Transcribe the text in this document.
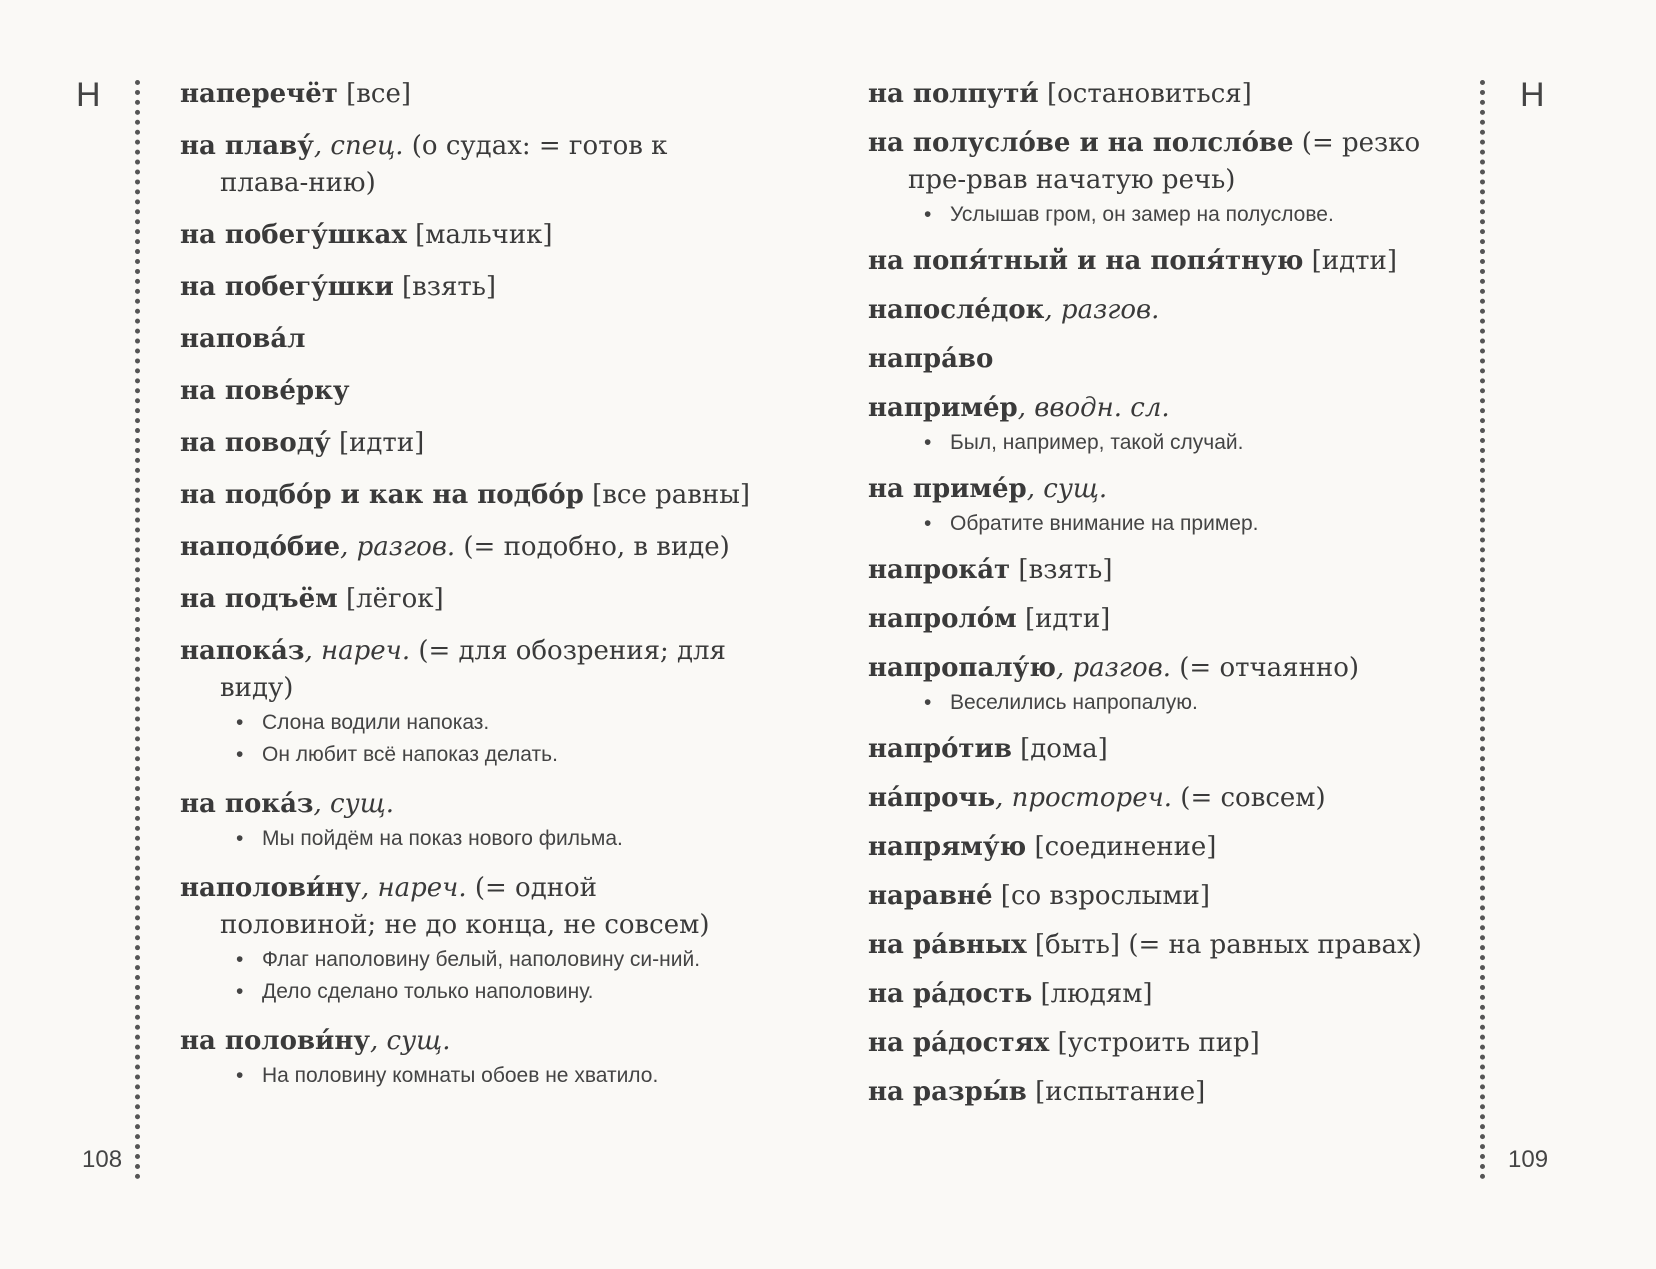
Н
108
наперечёт [все]
на плаву́, спец. (о судах: = готов к плава-нию)
на побегу́шках [мальчик]
на побегу́шки [взять]
напова́л
на пове́рку
на поводу́ [идти]
на подбо́р и как на подбо́р [все равны]
наподо́бие, разгов. (= подобно, в виде)
на подъём [лёгок]
напока́з, нареч. (= для обозрения; для виду)
• Слона водили напоказ.
• Он любит всё напоказ делать.
на пока́з, сущ.
• Мы пойдём на показ нового фильма.
наполови́ну, нареч. (= одной половиной; не до конца, не совсем)
• Флаг наполовину белый, наполовину си-ний.
• Дело сделано только наполовину.
на полови́ну, сущ.
• На половину комнаты обоев не хватило.
на полпути́ [остановиться]
на полусло́ве и на полсло́ве (= резко пре-рвав начатую речь)
• Услышав гром, он замер на полуслове.
на попя́тный и на попя́тную [идти]
напосле́док, разгов.
напра́во
наприме́р, вводн. сл.
• Был, например, такой случай.
на приме́р, сущ.
• Обратите внимание на пример.
напрока́т [взять]
напроло́м [идти]
напропалу́ю, разгов. (= отчаянно)
• Веселились напропалую.
напро́тив [дома]
на́прочь, простореч. (= совсем)
напряму́ю [соединение]
наравне́ [со взрослыми]
на ра́вных [быть] (= на равных правах)
на ра́дость [людям]
на ра́достях [устроить пир]
на разры́в [испытание]
Н
109
